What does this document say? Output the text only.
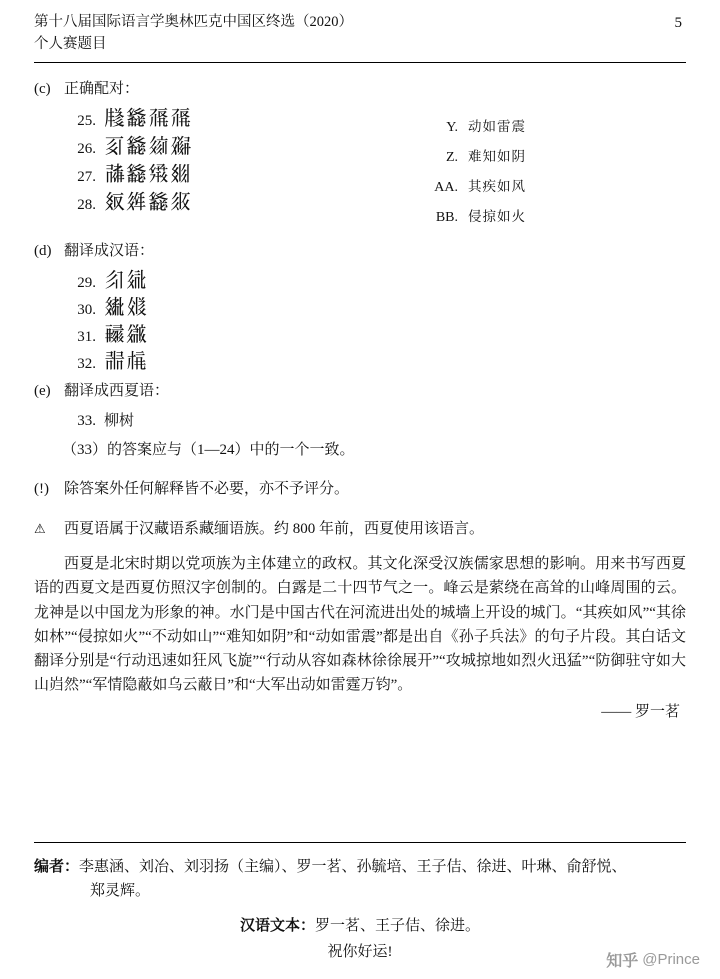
第十八届国际语言学奥林匹克中国区终选（2020）
个人赛题目
5
(c) 正确配对：
25. 𗹦𗴮𗗛𗗛
26. 𘈩𗴮𗦻𗘅
27. 𗰜𗴮𗋽𗾞
28. 𗾊𗤶𗴮𗼇
Y. 动如雷震
Z. 难知如阴
AA. 其疾如风
BB. 侵掠如火
(d) 翻译成汉语：
29. 𗼃𗣼
30. 𗾩𗬜
31. 𗸒𗫡
32. 𘄀𗍫
(e) 翻译成西夏语：
33. 柳树
（33）的答案应与（1—24）中的一个一致。
(!) 除答案外任何解释皆不必要，亦不予评分。
⚠ 西夏语属于汉藏语系藏缅语族。约 800 年前，西夏使用该语言。

西夏是北宋时期以党项族为主体建立的政权。其文化深受汉族儒家思想的影响。用来书写西夏语的西夏文是西夏仿照汉字创制的。白露是二十四节气之一。峰云是萦绕在高耸的山峰周围的云。龙神是以中国龙为形象的神。水门是中国古代在河流进出处的城墙上开设的城门。“其疾如风”“其徐如林”“侵掠如火”“不动如山”“难知如阴”和“动如雷震”都是出自《孙子兵法》的句子片段。其白话文翻译分别是“行动迅速如狂风飞旋”“行动从容如森林徐徐展开”“攻城掠地如烈火迅猛”“防御驻守如大山岿然”“军情隐蔽如乌云蔽日”和“大军出动如雷霆万钧”。

—— 罗一茗
编者：李惠涵、刘冶、刘羽扬（主编）、罗一茗、孙毓培、王子佶、徐进、叶琳、俞舒悦、
郑灵辉。
汉语文本：罗一茗、王子佶、徐进。
祝你好运!
知乎 @Prince
